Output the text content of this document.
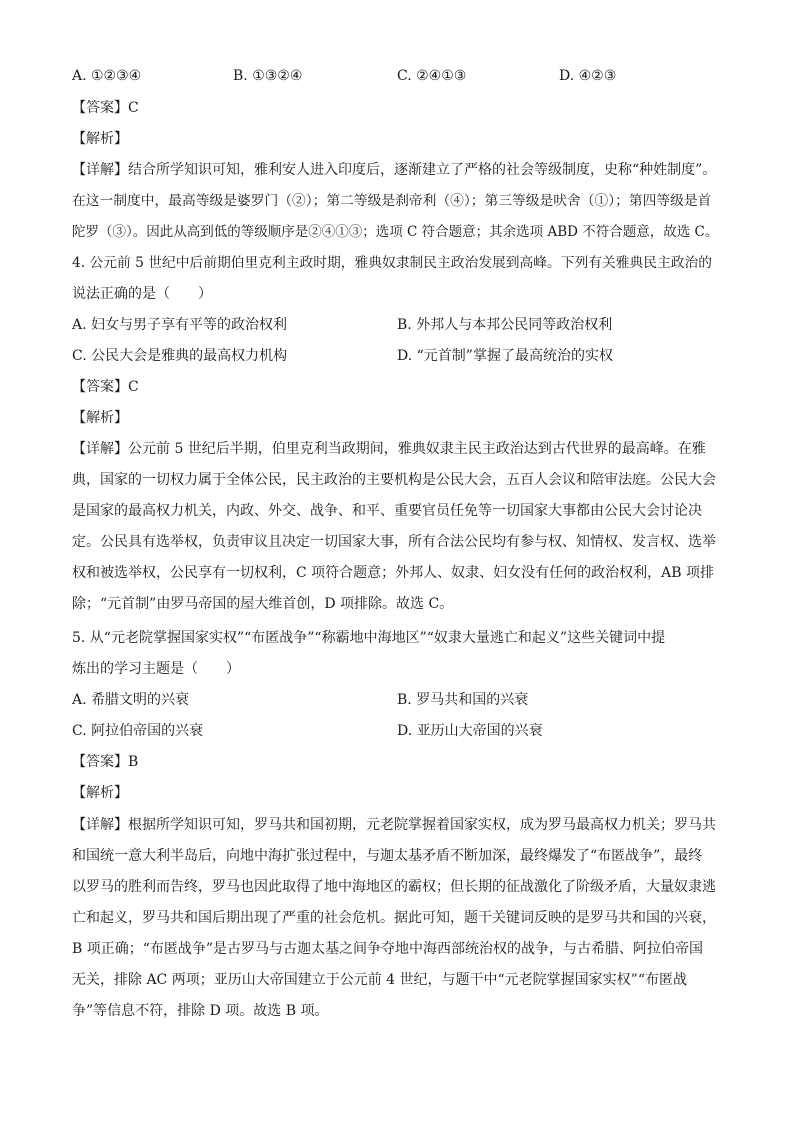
A. ①②③④	B. ①③②④	C. ②④①③	D. ④②③
【答案】C
【解析】
【详解】结合所学知识可知，雅利安人进入印度后，逐渐建立了严格的社会等级制度，史称“种姓制度”。
在这一制度中，最高等级是婆罗门（②）；第二等级是刹帝利（④）；第三等级是吠舍（①）；第四等级是首
陀罗（③）。因此从高到低的等级顺序是②④①③；选项 C 符合题意；其余选项 ABD 不符合题意，故选 C。
4. 公元前 5 世纪中后前期伯里克利主政时期，雅典奴隶制民主政治发展到高峰。下列有关雅典民主政治的
说法正确的是（　　）
A. 妇女与男子享有平等的政治权利	B. 外邦人与本邦公民同等政治权利
C. 公民大会是雅典的最高权力机构	D. “元首制”掌握了最高统治的实权
【答案】C
【解析】
【详解】公元前 5 世纪后半期，伯里克利当政期间，雅典奴隶主民主政治达到古代世界的最高峰。在雅
典，国家的一切权力属于全体公民，民主政治的主要机构是公民大会，五百人会议和陪审法庭。公民大会
是国家的最高权力机关，内政、外交、战争、和平、重要官员任免等一切国家大事都由公民大会讨论决
定。公民具有选举权，负责审议且决定一切国家大事，所有合法公民均有参与权、知情权、发言权、选举
权和被选举权，公民享有一切权利，C 项符合题意；外邦人、奴隶、妇女没有任何的政治权利，AB 项排
除；“元首制”由罗马帝国的屋大维首创，D 项排除。故选 C。
5. 从“元老院掌握国家实权”“布匿战争”“称霸地中海地区”“奴隶大量逃亡和起义”这些关键词中提
炼出的学习主题是（　　）
A. 希腊文明的兴衰	B. 罗马共和国的兴衰
C. 阿拉伯帝国的兴衰	D. 亚历山大帝国的兴衰
【答案】B
【解析】
【详解】根据所学知识可知，罗马共和国初期，元老院掌握着国家实权，成为罗马最高权力机关；罗马共
和国统一意大利半岛后，向地中海扩张过程中，与迦太基矛盾不断加深，最终爆发了“布匿战争”，最终
以罗马的胜利而告终，罗马也因此取得了地中海地区的霸权；但长期的征战激化了阶级矛盾，大量奴隶逃
亡和起义，罗马共和国后期出现了严重的社会危机。据此可知，题干关键词反映的是罗马共和国的兴衰，
B 项正确；“布匿战争”是古罗马与古迦太基之间争夺地中海西部统治权的战争，与古希腊、阿拉伯帝国
无关，排除 AC 两项；亚历山大帝国建立于公元前 4 世纪，与题干中“元老院掌握国家实权”“布匿战
争”等信息不符，排除 D 项。故选 B 项。
